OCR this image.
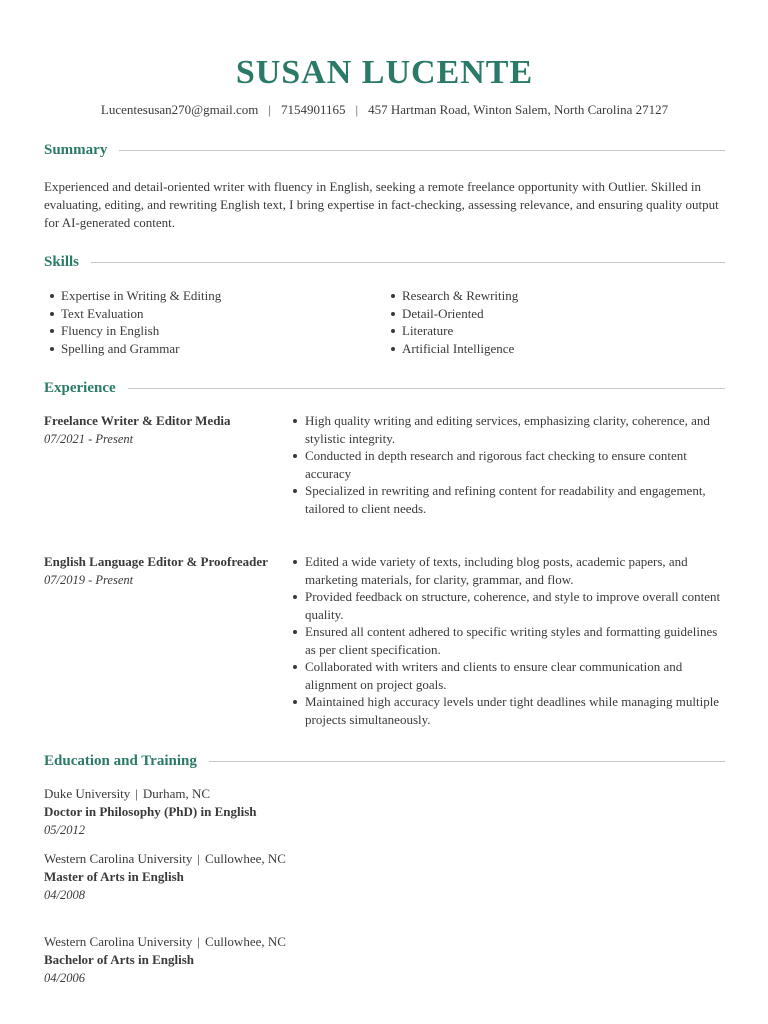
SUSAN LUCENTE
Lucentesusan270@gmail.com | 7154901165 | 457 Hartman Road, Winton Salem, North Carolina 27127
Summary
Experienced and detail-oriented writer with fluency in English, seeking a remote freelance opportunity with Outlier. Skilled in evaluating, editing, and rewriting English text, I bring expertise in fact-checking, assessing relevance, and ensuring quality output for AI-generated content.
Skills
Expertise in Writing & Editing
Text Evaluation
Fluency in English
Spelling and Grammar
Research & Rewriting
Detail-Oriented
Literature
Artificial Intelligence
Experience
Freelance Writer & Editor Media
07/2021 - Present
High quality writing and editing services, emphasizing clarity, coherence, and stylistic integrity.
Conducted in depth research and rigorous fact checking to ensure content accuracy
Specialized in rewriting and refining content for readability and engagement, tailored to client needs.
English Language Editor & Proofreader
07/2019 - Present
Edited a wide variety of texts, including blog posts, academic papers, and marketing materials, for clarity, grammar, and flow.
Provided feedback on structure, coherence, and style to improve overall content quality.
Ensured all content adhered to specific writing styles and formatting guidelines as per client specification.
Collaborated with writers and clients to ensure clear communication and alignment on project goals.
Maintained high accuracy levels under tight deadlines while managing multiple projects simultaneously.
Education and Training
Duke University | Durham, NC
Doctor in Philosophy (PhD) in English
05/2012
Western Carolina University | Cullowhee, NC
Master of Arts in English
04/2008
Western Carolina University | Cullowhee, NC
Bachelor of Arts in English
04/2006
